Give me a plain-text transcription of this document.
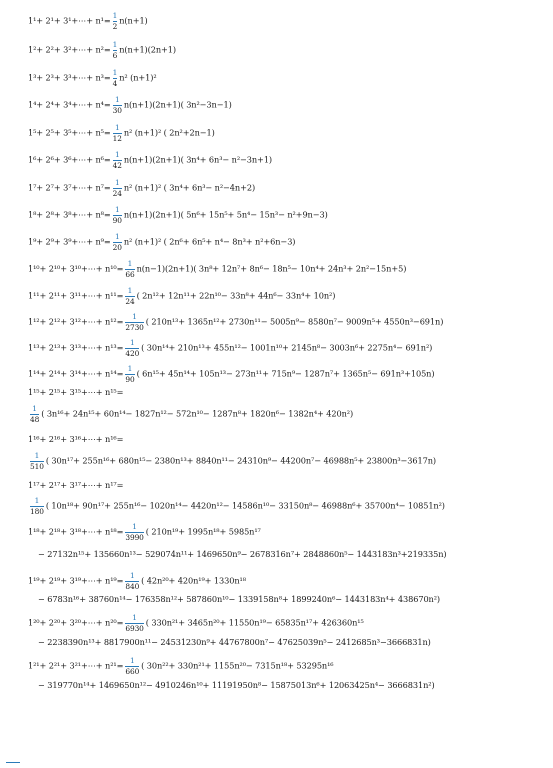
1¹+ 2¹+ 3¹+⋯+ $n^1= \frac{1}{2} n(n+1)$
1²+ 2²+ 3²+⋯+ $n^2= \frac{1}{6} n(n+1)(2n+1)$
1³+ 2³+ 3³+⋯+ $n^3= \frac{1}{4} n^2$ (n+1)²
1⁴+ 2⁴+ 3⁴+⋯+ $n^4= \frac{1}{30} n(n+1)(2n+1)$( 3n²−3n−1)
1⁵+ 2⁵+ 3⁵+⋯+ $n^5= \frac{1}{12} n^2$ (n+1)² ( 2n²+2n−1)
1⁶+ 2⁶+ 3⁶+⋯+ $n^6= \frac{1}{42} n(n+1)(2n+1)$( 3n⁴+ 6n³− n²−3n+1)
1⁷+ 2⁷+ 3⁷+⋯+ $n^7= \frac{1}{24} n^2$ (n+1)² ( 3n⁴+ 6n³− n²−4n+2)
1⁸+ 2⁸+ 3⁸+⋯+ $n^8= \frac{1}{90} n(n+1)(2n+1)$( 5n⁶+ 15n⁵+ 5n⁴− 15n³− n²+9n−3)
1⁹+ 2⁹+ 3⁹+⋯+ $n^9= \frac{1}{20} n^2$ (n+1)² ( 2n⁶+ 6n⁵+ n⁴− 8n³+ n²+6n−3)
1¹⁰+ 2¹⁰+ 3¹⁰+⋯+ $n^{10}= \frac{1}{66} n(n-1)(2n+1)$( 3n⁸+ 12n⁷+ 8n⁶− 18n⁵− 10n⁴+ 24n³+ 2n²−15n+5)
1¹¹+ 2¹¹+ 3¹¹+⋯+ $n^{11}= \frac{1}{24}$ ( 2n¹²+ 12n¹¹+ 22n¹⁰− 33n⁸+ 44n⁶− 33n⁴+ 10n²)
1¹²+ 2¹²+ 3¹²+⋯+ $n^{12}= \frac{1}{2730}$ ( 210n¹³+ 1365n¹²+ 2730n¹¹− 5005n⁹− 8580n⁷− 9009n⁵+ 4550n³−691n)
1¹³+ 2¹³+ 3¹³+⋯+ $n^{13}= \frac{1}{420}$ ( 30n¹⁴+ 210n¹³+ 455n¹²− 1001n¹⁰+ 2145n⁸− 3003n⁶+ 2275n⁴− 691n²)
1¹⁴+ 2¹⁴+ 3¹⁴+⋯+ $n^{14}= \frac{1}{90}$ ( 6n¹⁵+ 45n¹⁴+ 105n¹³− 273n¹¹+ 715n⁹− 1287n⁷+ 1365n⁵− 691n³+105n)
1¹⁵+ 2¹⁵+ 3¹⁵+⋯+ n¹⁵=
$\frac{1}{48}$ ( 3n¹⁶+ 24n¹⁵+ 60n¹⁴− 1827n¹²− 572n¹⁰− 1287n⁸+ 1820n⁶− 1382n⁴+ 420n²)
1¹⁶+ 2¹⁶+ 3¹⁶+⋯+ n¹⁶=
$\frac{1}{510}$ ( 30n¹⁷+ 255n¹⁶+ 680n¹⁵− 2380n¹³+ 8840n¹¹− 24310n⁹− 44200n⁷− 46988n⁵+ 23800n³−3617n)
1¹⁷+ 2¹⁷+ 3¹⁷+⋯+ n¹⁷=
$\frac{1}{180}$ ( 10n¹⁸+ 90n¹⁷+ 255n¹⁶− 1020n¹⁴− 4420n¹²− 14586n¹⁰− 33150n⁸− 46988n⁶+ 35700n⁴− 10851n²)
1¹⁸+ 2¹⁸+ 3¹⁸+⋯+ $n^{18}= \frac{1}{3990}$ ( 210n¹⁹+ 1995n¹⁸+ 5985n¹⁷
− 27132n¹⁵+ 135660n¹³− 529074n¹¹+ 1469650n⁹− 2678316n⁷+ 2848860n⁵− 1443183n³+219335n)
1¹⁹+ 2¹⁹+ 3¹⁹+⋯+ $n^{19}= \frac{1}{840}$ ( 42n²⁰+ 420n¹⁹+ 1330n¹⁸
− 6783n¹⁶+ 38760n¹⁴− 176358n¹²+ 587860n¹⁰− 1339158n⁸+ 1899240n⁶− 1443183n⁴+ 438670n²)
1²⁰+ 2²⁰+ 3²⁰+⋯+ $n^{20}= \frac{1}{6930}$ ( 330n²¹+ 3465n²⁰+ 11550n¹⁹− 65835n¹⁷+ 426360n¹⁵
− 2238390n¹³+ 8817900n¹¹− 24531230n⁹+ 44767800n⁷− 47625039n⁵− 2412685n³−3666831n)
1²¹+ 2²¹+ 3²¹+⋯+ $n^{21}= \frac{1}{660}$ ( 30n²²+ 330n²¹+ 1155n²⁰− 7315n¹⁸+ 53295n¹⁶
− 319770n¹⁴+ 1469650n¹²− 4910246n¹⁰+ 11191950n⁸− 15875013n⁶+ 12063425n⁴− 3666831n²)
